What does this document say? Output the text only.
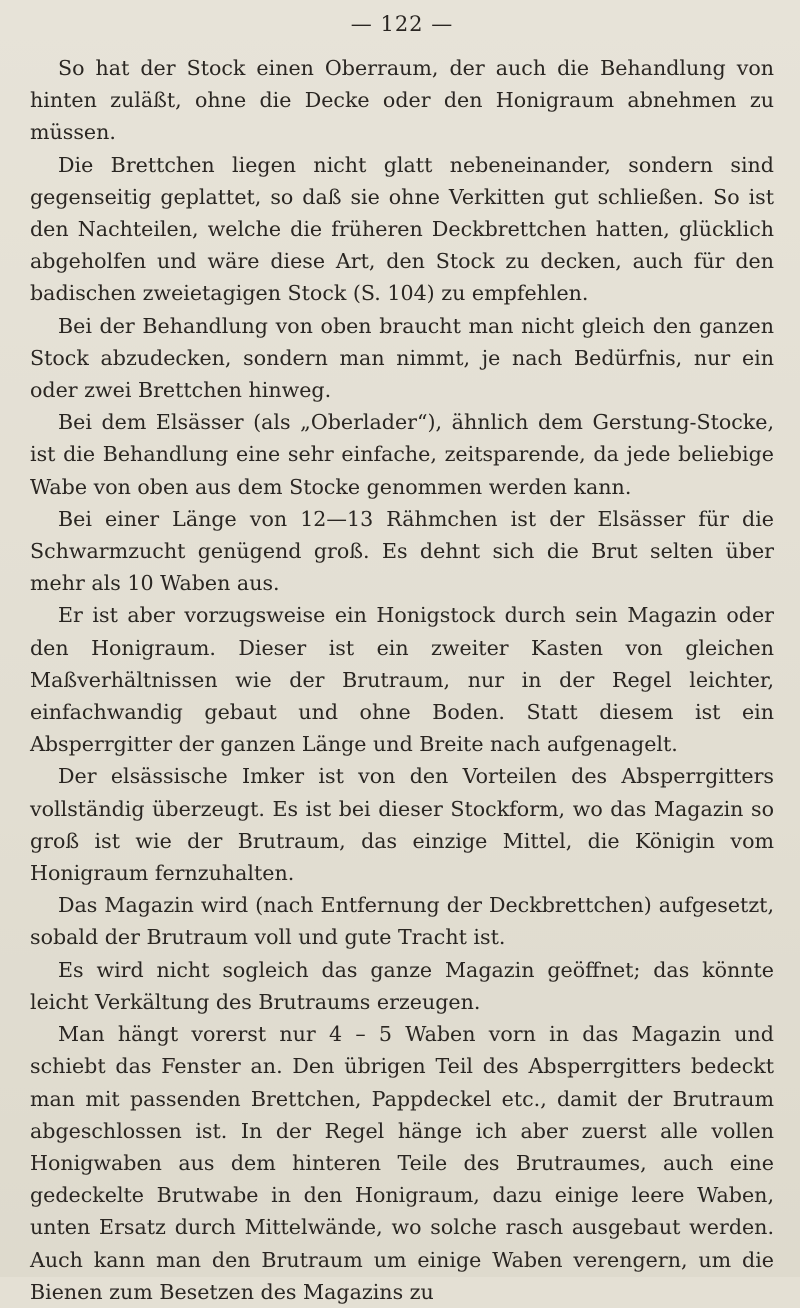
— 122 —

So hat der Stock einen Oberraum, der auch die Behandlung von hinten zuläßt, ohne die Decke oder den Honigraum abnehmen zu müssen.

Die Brettchen liegen nicht glatt nebeneinander, sondern sind gegenseitig geplattet, so daß sie ohne Verkitten gut schließen. So ist den Nachteilen, welche die früheren Deckbrettchen hatten, glücklich abgeholfen und wäre diese Art, den Stock zu decken, auch für den badischen zweietagigen Stock (S. 104) zu empfehlen.

Bei der Behandlung von oben braucht man nicht gleich den ganzen Stock abzudecken, sondern man nimmt, je nach Bedürfnis, nur ein oder zwei Brettchen hinweg.

Bei dem Elsässer (als „Oberlader“), ähnlich dem Gerstung-Stocke, ist die Behandlung eine sehr einfache, zeitsparende, da jede beliebige Wabe von oben aus dem Stocke genommen werden kann.

Bei einer Länge von 12—13 Rähmchen ist der Elsässer für die Schwarmzucht genügend groß. Es dehnt sich die Brut selten über mehr als 10 Waben aus.

Er ist aber vorzugsweise ein Honigstock durch sein Magazin oder den Honigraum. Dieser ist ein zweiter Kasten von gleichen Maßverhältnissen wie der Brutraum, nur in der Regel leichter, einfachwandig gebaut und ohne Boden. Statt diesem ist ein Absperrgitter der ganzen Länge und Breite nach aufgenagelt.

Der elsässische Imker ist von den Vorteilen des Absperrgitters vollständig überzeugt. Es ist bei dieser Stockform, wo das Magazin so groß ist wie der Brutraum, das einzige Mittel, die Königin vom Honigraum fernzuhalten.

Das Magazin wird (nach Entfernung der Deckbrettchen) aufgesetzt, sobald der Brutraum voll und gute Tracht ist.

Es wird nicht sogleich das ganze Magazin geöffnet; das könnte leicht Verkältung des Brutraums erzeugen.

Man hängt vorerst nur 4 – 5 Waben vorn in das Magazin und schiebt das Fenster an. Den übrigen Teil des Absperrgitters bedeckt man mit passenden Brettchen, Pappdeckel etc., damit der Brutraum abgeschlossen ist. In der Regel hänge ich aber zuerst alle vollen Honigwaben aus dem hinteren Teile des Brutraumes, auch eine gedeckelte Brutwabe in den Honigraum, dazu einige leere Waben, unten Ersatz durch Mittelwände, wo solche rasch ausgebaut werden. Auch kann man den Brutraum um einige Waben verengern, um die Bienen zum Besetzen des Magazins zu
